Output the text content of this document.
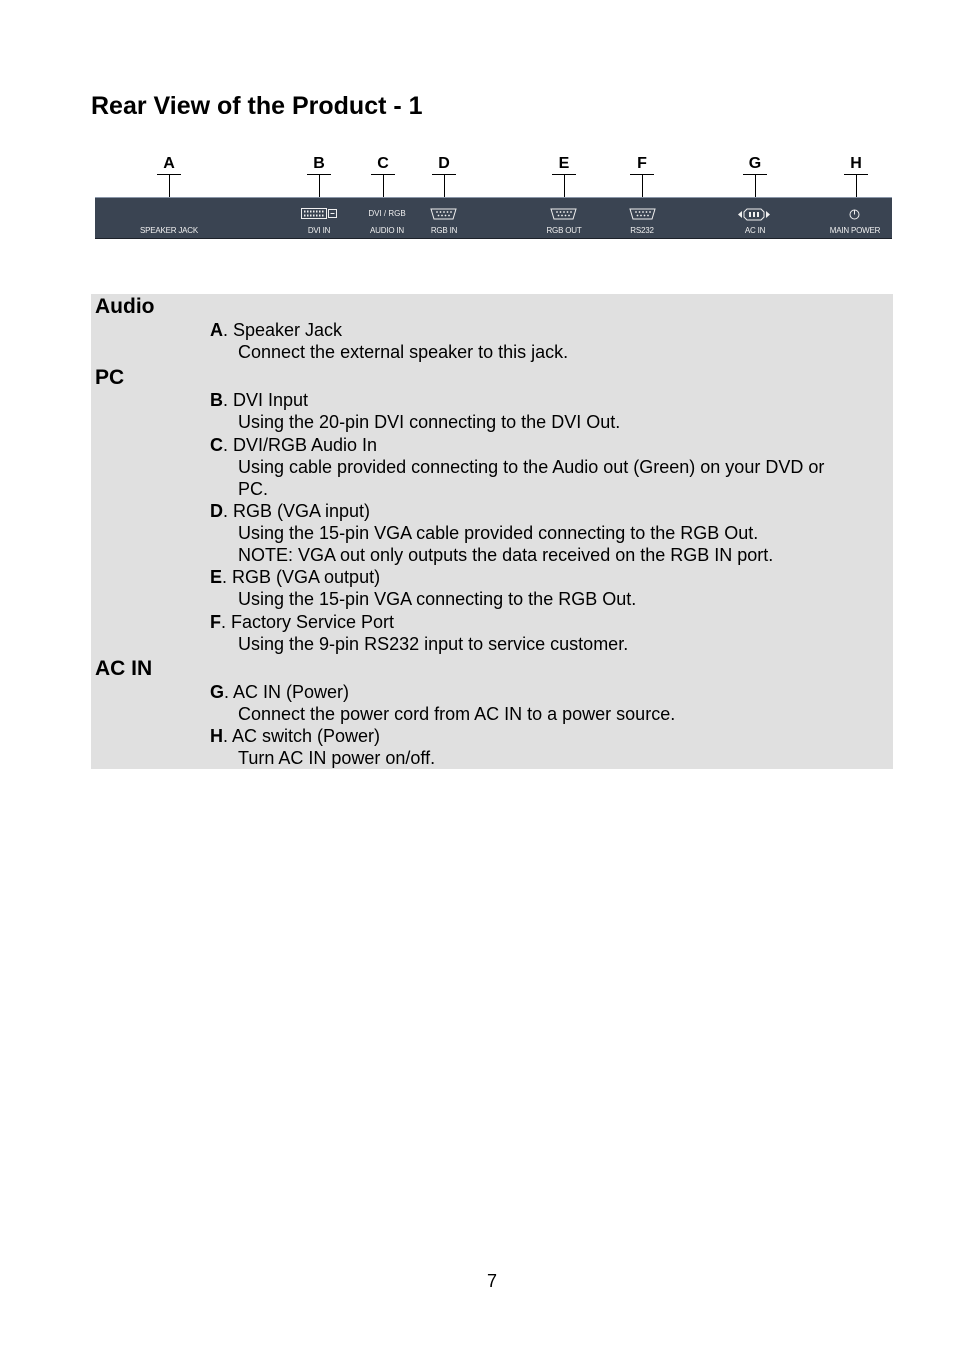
Rear View of the Product - 1
A	B	C	D	E	F	G	H
SPEAKER JACK	DVI IN
DVI / RGB
AUDIO IN	RGB IN	RGB OUT	RS232	AC IN	MAIN POWER
Audio
A. Speaker Jack
Connect the external speaker to this jack.
PC
B. DVI Input
Using the 20-pin DVI connecting to the DVI Out.
C. DVI/RGB Audio In
Using cable provided connecting to the Audio out (Green) on your DVD or
PC.
D. RGB (VGA input)
Using the 15-pin VGA cable provided connecting to the RGB Out.
NOTE: VGA out only outputs the data received on the RGB IN port.
E. RGB (VGA output)
Using the 15-pin VGA connecting to the RGB Out.
F. Factory Service Port
Using the 9-pin RS232 input to service customer.
AC IN
G. AC IN (Power)
Connect the power cord from AC IN to a power source.
H. AC switch (Power)
Turn AC IN power on/off.
7
